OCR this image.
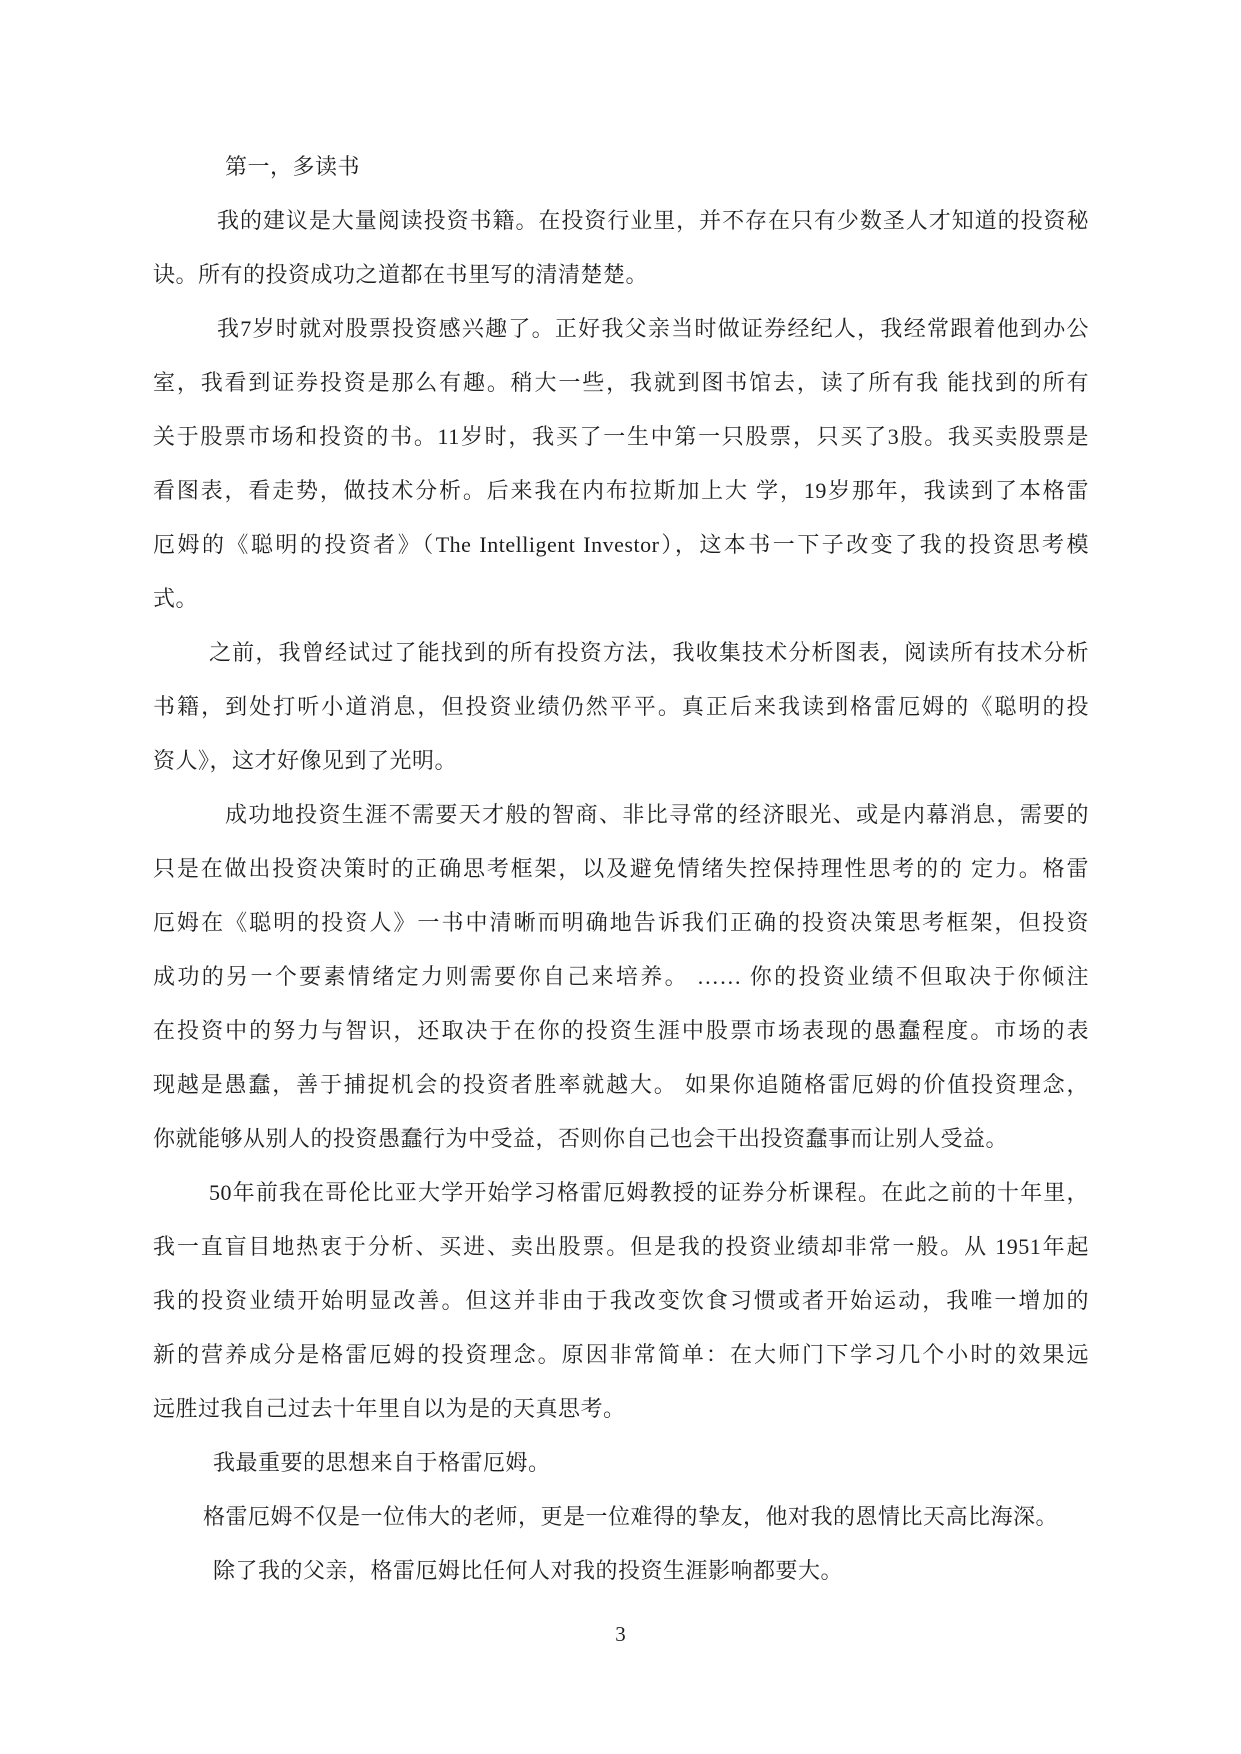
第一，多读书
我的建议是大量阅读投资书籍。在投资行业里，并不存在只有少数圣人才知道的投资秘
诀。所有的投资成功之道都在书里写的清清楚楚。
我7岁时就对股票投资感兴趣了。正好我父亲当时做证券经纪人，我经常跟着他到办公
室，我看到证券投资是那么有趣。稍大一些，我就到图书馆去，读了所有我 能找到的所有
关于股票市场和投资的书。11岁时，我买了一生中第一只股票，只买了3股。我买卖股票是
看图表，看走势，做技术分析。后来我在内布拉斯加上大 学，19岁那年，我读到了本格雷
厄姆的《聪明的投资者》（The Intelligent Investor），这本书一下子改变了我的投资思考模
式。
之前，我曾经试过了能找到的所有投资方法，我收集技术分析图表，阅读所有技术分析
书籍，到处打听小道消息，但投资业绩仍然平平。真正后来我读到格雷厄姆的《聪明的投
资人》，这才好像见到了光明。
成功地投资生涯不需要天才般的智商、非比寻常的经济眼光、或是内幕消息，需要的
只是在做出投资决策时的正确思考框架，以及避免情绪失控保持理性思考的的 定力。格雷
厄姆在《聪明的投资人》一书中清晰而明确地告诉我们正确的投资决策思考框架，但投资
成功的另一个要素情绪定力则需要你自己来培养。 …… 你的投资业绩不但取决于你倾注
在投资中的努力与智识，还取决于在你的投资生涯中股票市场表现的愚蠢程度。市场的表
现越是愚蠢，善于捕捉机会的投资者胜率就越大。 如果你追随格雷厄姆的价值投资理念，
你就能够从别人的投资愚蠢行为中受益，否则你自己也会干出投资蠢事而让别人受益。
50年前我在哥伦比亚大学开始学习格雷厄姆教授的证券分析课程。在此之前的十年里，
我一直盲目地热衷于分析、买进、卖出股票。但是我的投资业绩却非常一般。从 1951年起
我的投资业绩开始明显改善。但这并非由于我改变饮食习惯或者开始运动，我唯一增加的
新的营养成分是格雷厄姆的投资理念。原因非常简单：在大师门下学习几个小时的效果远
远胜过我自己过去十年里自以为是的天真思考。
我最重要的思想来自于格雷厄姆。
格雷厄姆不仅是一位伟大的老师，更是一位难得的挚友，他对我的恩情比天高比海深。
除了我的父亲，格雷厄姆比任何人对我的投资生涯影响都要大。
3
